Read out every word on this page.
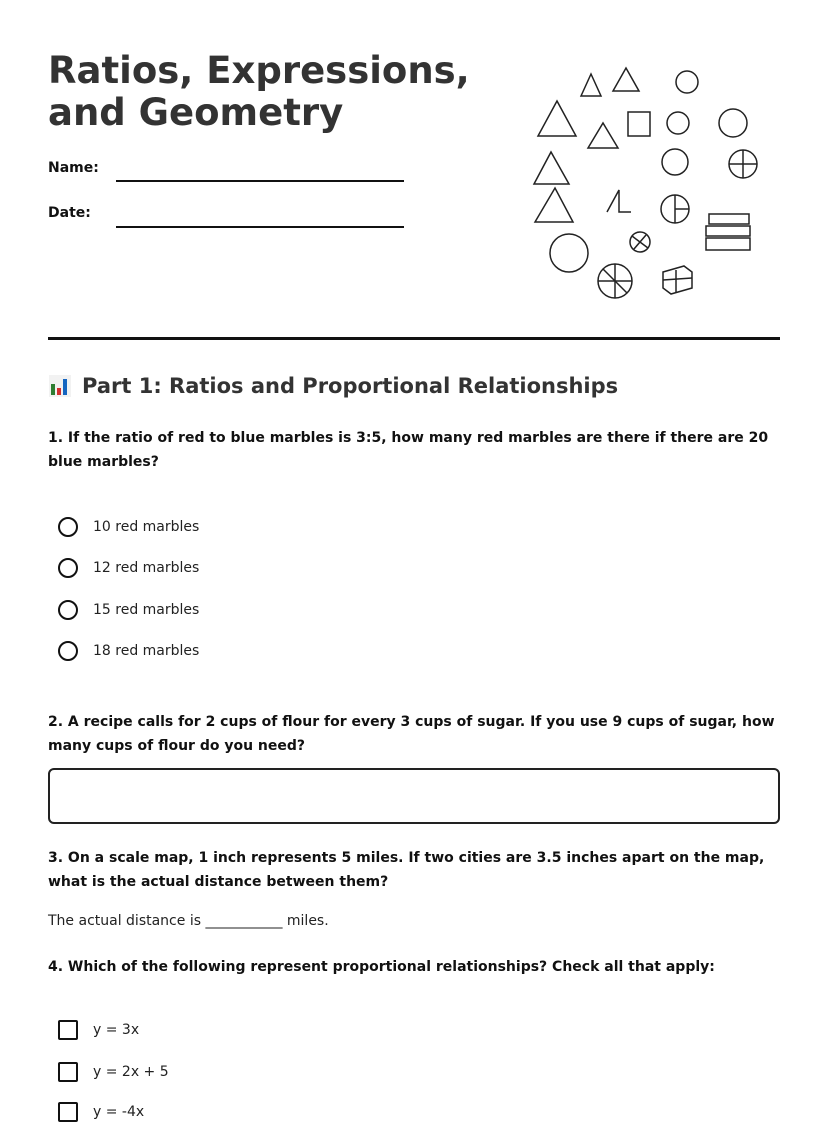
Ratios, Expressions, and Geometry
Name:
Date:
Part 1: Ratios and Proportional Relationships
1. If the ratio of red to blue marbles is 3:5, how many red marbles are there if there are 20 blue marbles?
10 red marbles
12 red marbles
15 red marbles
18 red marbles
2. A recipe calls for 2 cups of flour for every 3 cups of sugar. If you use 9 cups of sugar, how many cups of flour do you need?
3. On a scale map, 1 inch represents 5 miles. If two cities are 3.5 inches apart on the map, what is the actual distance between them?
The actual distance is ___________ miles.
4. Which of the following represent proportional relationships? Check all that apply:
y = 3x
y = 2x + 5
y = -4x
